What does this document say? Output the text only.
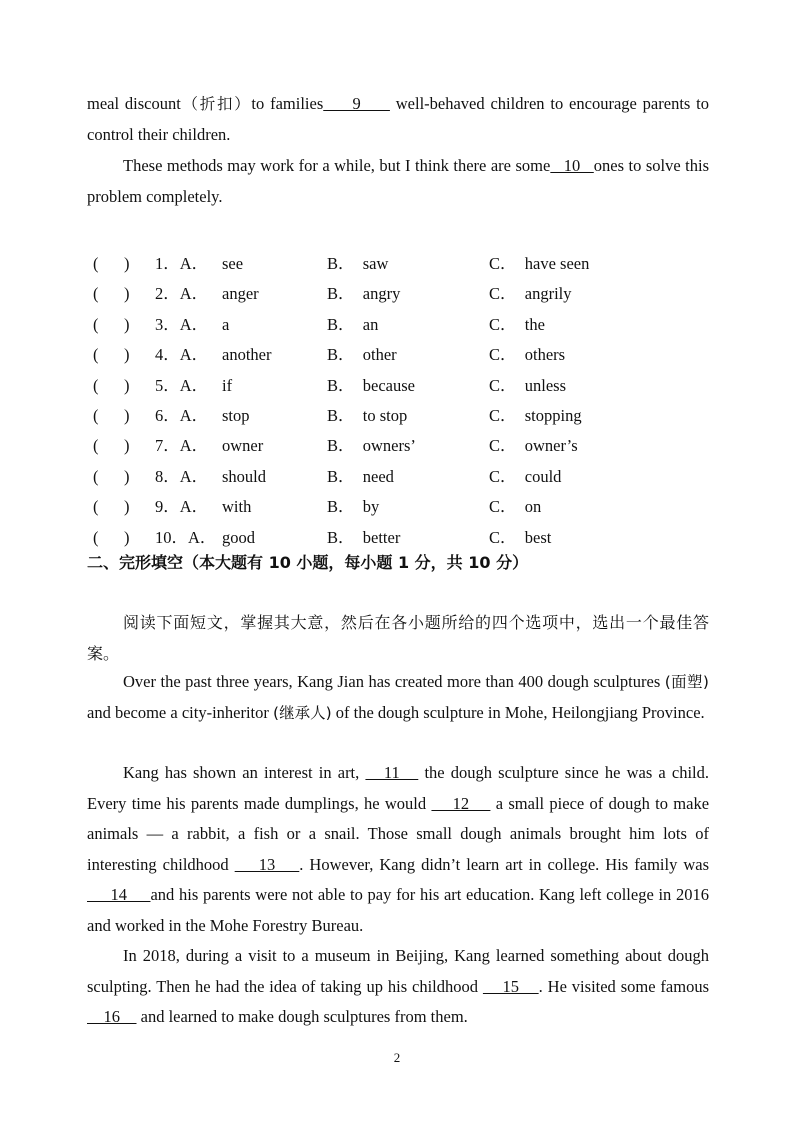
meal discount（折扣）to families     9      well-behaved children to encourage parents to control their children.

These methods may work for a while, but I think there are some   10   ones to solve this problem completely.

( ) 1．A． see	B． saw	C． have seen
( ) 2．A． anger	B． angry	C． angrily
( ) 3．A． a	B． an	C． the
( ) 4．A． another	B． other	C． others
( ) 5．A． if	B． because	C． unless
( ) 6．A． stop	B． to stop	C． stopping
( ) 7．A． owner	B． owners’	C． owner’s
( ) 8．A． should	B． need	C． could
( ) 9．A． with	B． by	C． on
( ) 10．A． good	B． better	C． best
二、完形填空（本大题有 10 小题，每小题 1 分，共 10 分）

阅读下面短文，掌握其大意，然后在各小题所给的四个选项中，选出一个最佳答案。

Over the past three years, Kang Jian has created more than 400 dough sculptures (面塑) and become a city-inheritor (继承人) of the dough sculpture in Mohe, Heilongjiang Province.

Kang has shown an interest in art,    11    the dough sculpture since he was a child. Every time his parents made dumplings, he would     12     a small piece of dough to make animals — a rabbit, a fish or a snail. Those small dough animals brought him lots of interesting childhood     13    . However, Kang didn’t learn art in college. His family was     14     and his parents were not able to pay for his art education. Kang left college in 2016 and worked in the Mohe Forestry Bureau.

In 2018, during a visit to a museum in Beijing, Kang learned something about dough sculpting. Then he had the idea of taking up his childhood     15    . He visited some famous     16     and learned to make dough sculptures from them.

2
